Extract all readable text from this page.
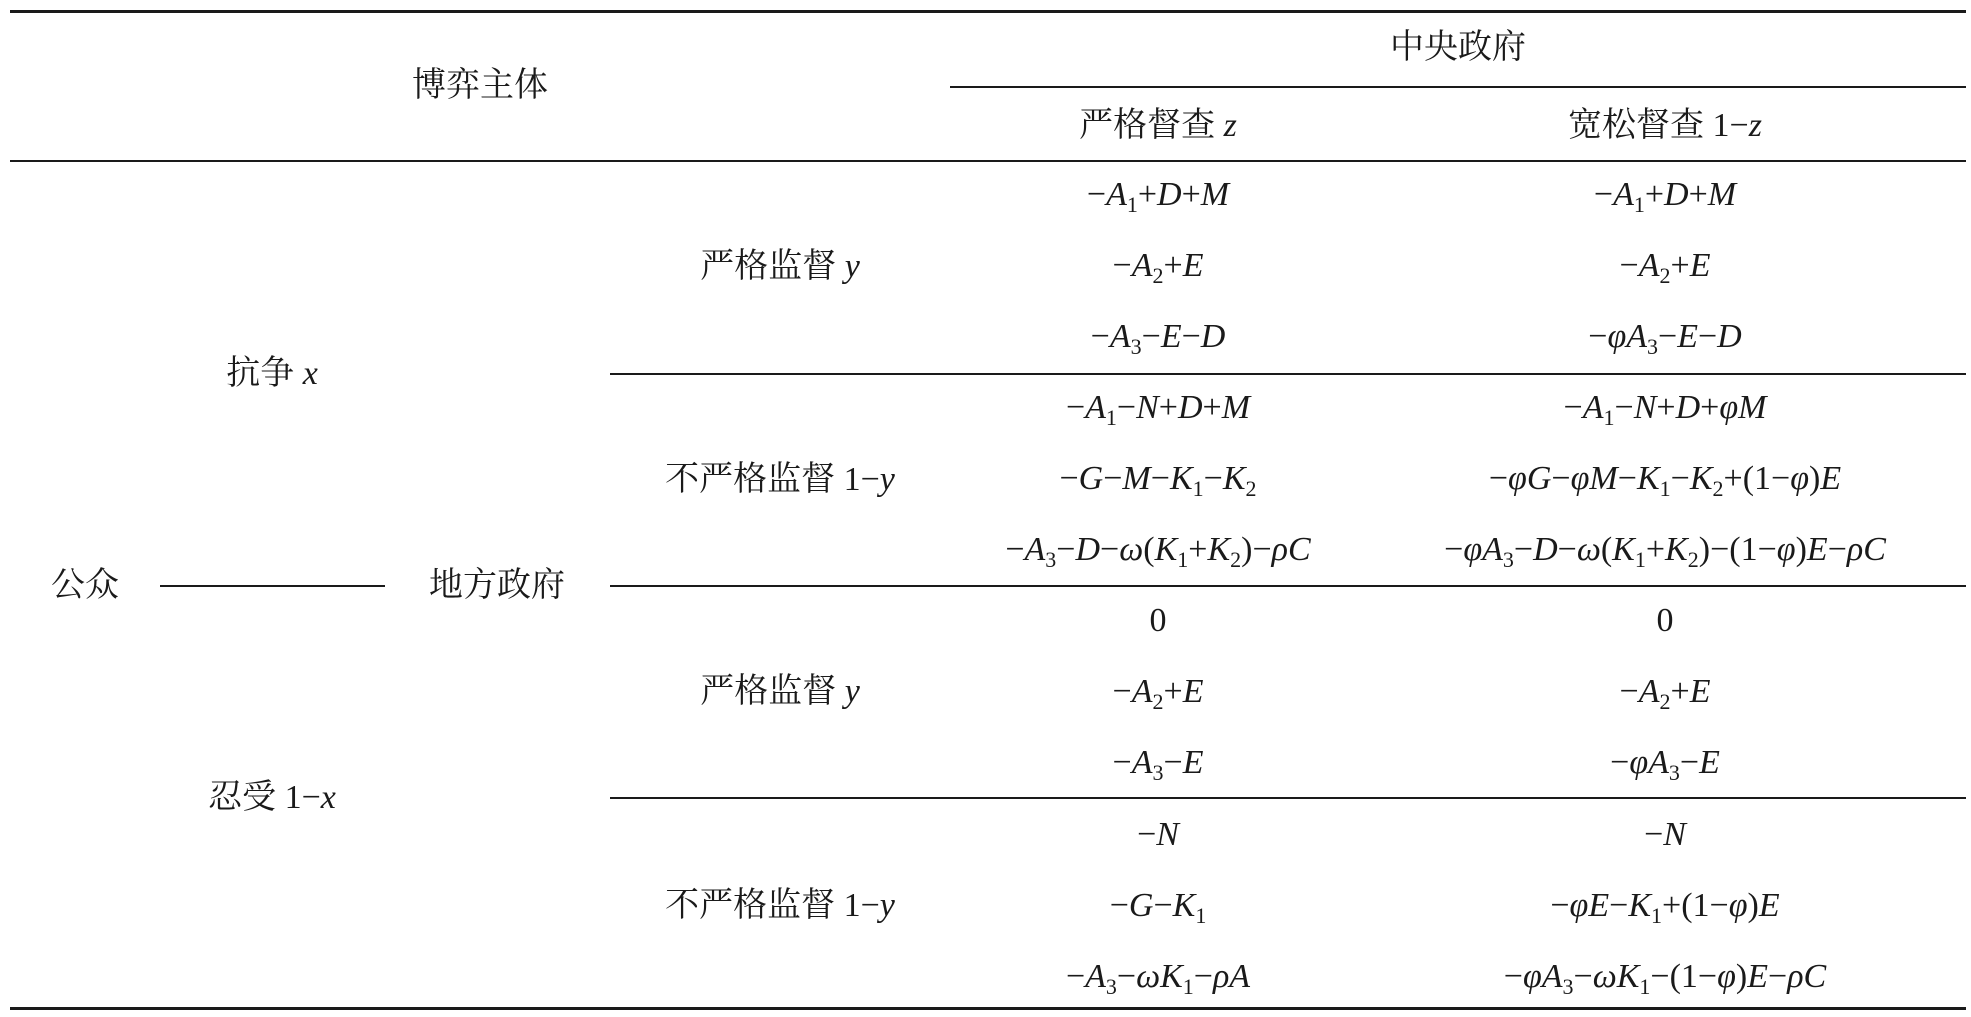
博弈主体
中央政府
严格督查 z	宽松督查 1−z
公众	地方政府
抗争 x
忍受 1−x
严格监督 y
不严格监督 1−y
严格监督 y
不严格监督 1−y
$-A_1+D+M$
$-A_2+E$
$-A_3-E-D$
$-A_1+D+M$
$-A_2+E$
$-\varphi A_3-E-D$
$-A_1-N+D+M$
$-G-M-K_1-K_2$
$-A_3-D-\omega(K_1+K_2)-\rho C$
$-A_1-N+D+\varphi M$
$-\varphi G-\varphi M-K_1-K_2+(1-\varphi)E$
$-\varphi A_3-D-\omega(K_1+K_2)-(1-\varphi)E-\rho C$
0
$-A_2+E$
$-A_3-E$
0
$-A_2+E$
$-\varphi A_3-E$
−N
$-G-K_1$
$-A_3-\omega K_1-\rho A$
−N
$-\varphi E-K_1+(1-\varphi)E$
$-\varphi A_3-\omega K_1-(1-\varphi)E-\rho C$
